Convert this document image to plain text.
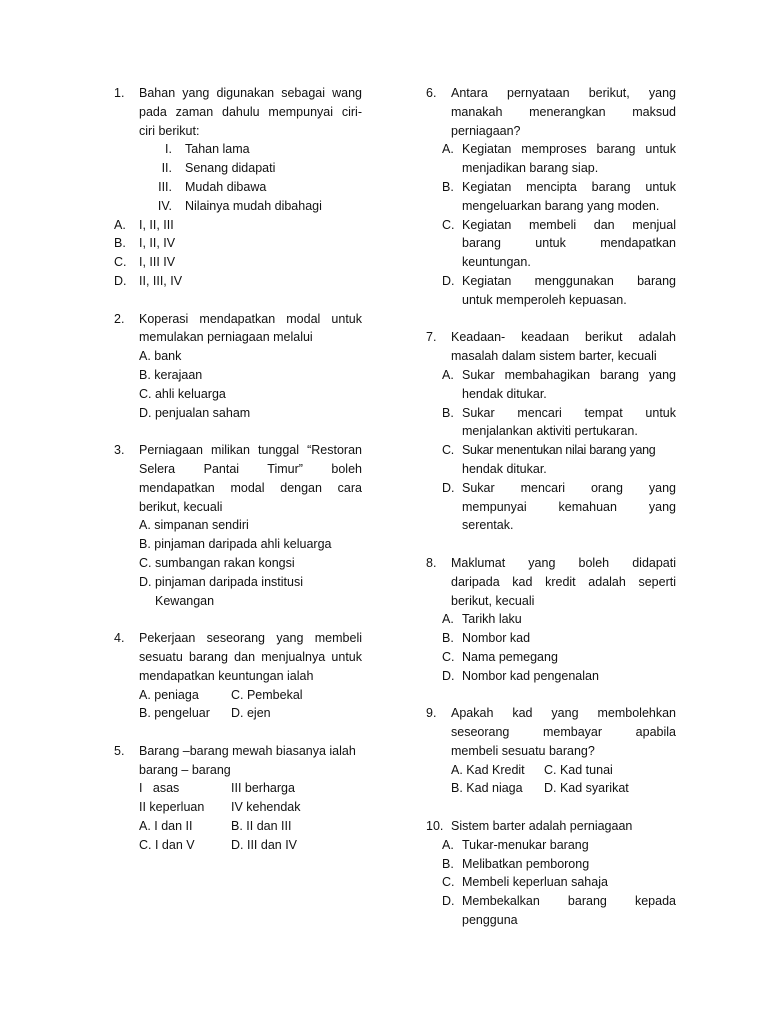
1. Bahan yang digunakan sebagai wang
pada zaman dahulu mempunyai ciri-
ciri berikut:
I. Tahan lama
II. Senang didapati
III. Mudah dibawa
IV. Nilainya mudah dibahagi
A. I, II, III
B. I, II, IV
C. I, III IV
D. II, III, IV
2. Koperasi mendapatkan modal untuk
memulakan perniagaan melalui
A. bank
B. kerajaan
C. ahli keluarga
D. penjualan saham
3. Perniagaan milikan tunggal “Restoran
Selera Pantai Timur” boleh
mendapatkan modal dengan cara
berikut, kecuali
A. simpanan sendiri
B. pinjaman daripada ahli keluarga
C. sumbangan rakan kongsi
D. pinjaman daripada institusi
Kewangan
4. Pekerjaan seseorang yang membeli
sesuatu barang dan menjualnya untuk
mendapatkan keuntungan ialah
A. peniaga	C. Pembekal
B. pengeluar D. ejen
5. Barang –barang mewah biasanya ialah
barang – barang
I   asas	III berharga
II keperluan IV kehendak
A. I dan II	B. II dan III
C. I dan V	D. III dan IV
6. Antara pernyataan berikut, yang
manakah menerangkan maksud
perniagaan?
A. Kegiatan memproses barang untuk
menjadikan barang siap.
B. Kegiatan mencipta barang untuk
mengeluarkan barang yang moden.
C. Kegiatan membeli dan menjual
barang untuk mendapatkan
keuntungan.
D. Kegiatan menggunakan barang
untuk memperoleh kepuasan.
7. Keadaan- keadaan berikut adalah
masalah dalam sistem barter, kecuali
A. Sukar membahagikan barang yang
hendak ditukar.
B. Sukar mencari tempat untuk
menjalankan aktiviti pertukaran.
C. Sukar menentukan nilai barang yang
hendak ditukar.
D. Sukar mencari orang yang
mempunyai kemahuan yang
serentak.
8. Maklumat yang boleh didapati
daripada kad kredit adalah seperti
berikut, kecuali
A. Tarikh laku
B. Nombor kad
C. Nama pemegang
D. Nombor kad pengenalan
9. Apakah kad yang membolehkan
seseorang membayar apabila
membeli sesuatu barang?
A. Kad Kredit C. Kad tunai
B. Kad niaga D. Kad syarikat
10. Sistem barter adalah perniagaan
A. Tukar-menukar barang
B. Melibatkan pemborong
C. Membeli keperluan sahaja
D. Membekalkan barang kepada
pengguna
